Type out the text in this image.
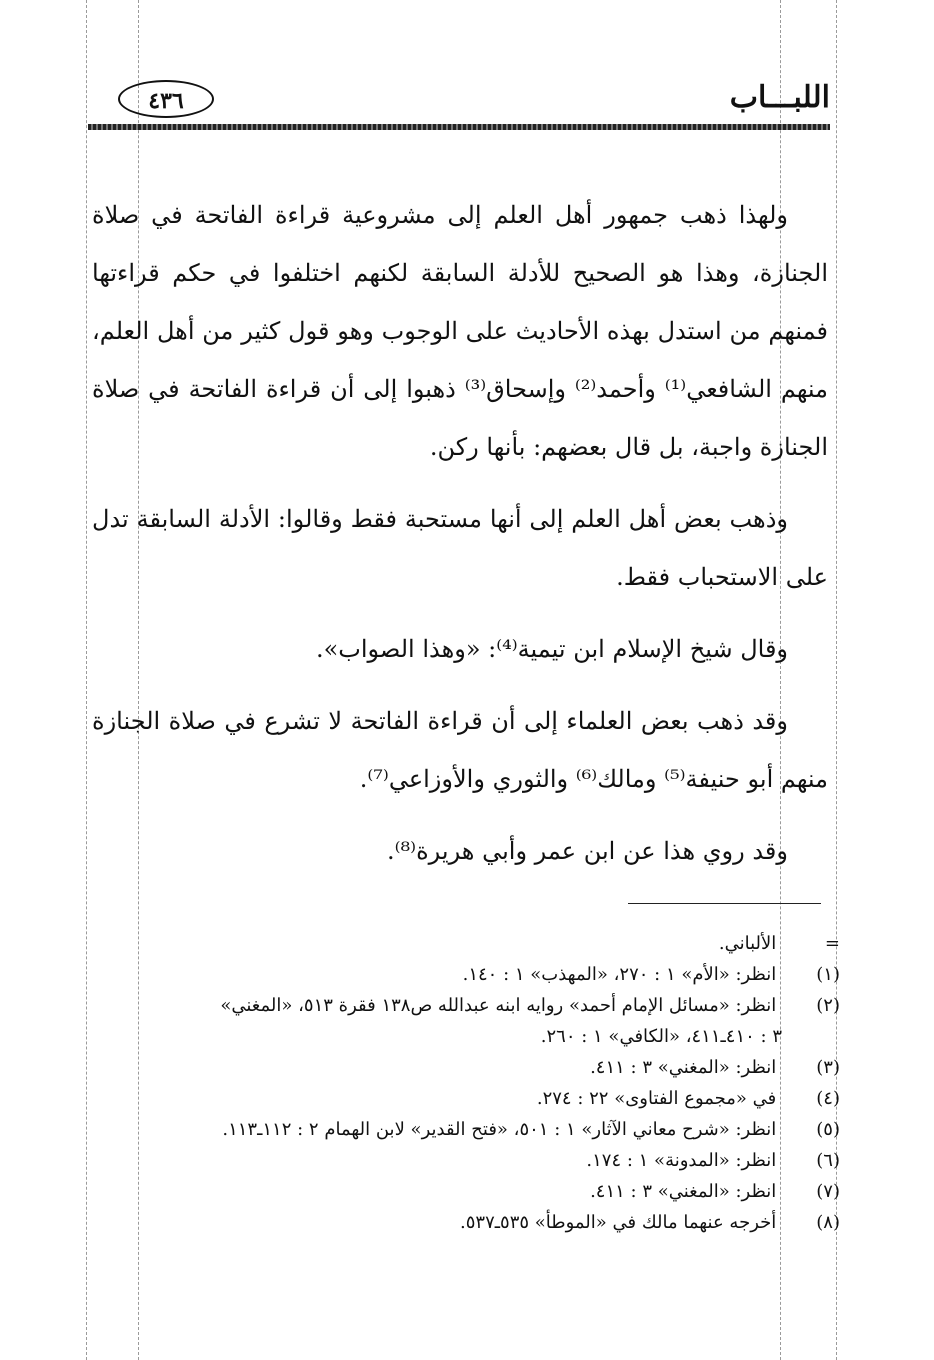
اللبـــاب
٤٣٦

ولهذا ذهب جمهور أهل العلم إلى مشروعية قراءة الفاتحة في صلاة الجنازة، وهذا هو الصحيح للأدلة السابقة لكنهم اختلفوا في حكم قراءتها فمنهم من استدل بهذه الأحاديث على الوجوب وهو قول كثير من أهل العلم، منهم الشافعي⁽¹⁾ وأحمد⁽²⁾ وإسحاق⁽³⁾ ذهبوا إلى أن قراءة الفاتحة في صلاة الجنازة واجبة، بل قال بعضهم: بأنها ركن.

وذهب بعض أهل العلم إلى أنها مستحبة فقط وقالوا: الأدلة السابقة تدل على الاستحباب فقط.

وقال شيخ الإسلام ابن تيمية⁽⁴⁾: «وهذا الصواب».

وقد ذهب بعض العلماء إلى أن قراءة الفاتحة لا تشرع في صلاة الجنازة منهم أبو حنيفة⁽⁵⁾ ومالك⁽⁶⁾ والثوري والأوزاعي⁽⁷⁾.

وقد روي هذا عن ابن عمر وأبي هريرة⁽⁸⁾.

= الألباني.
(١) انظر: «الأم» ١ : ٢٧٠، «المهذب» ١ : ١٤٠.
(٢) انظر: «مسائل الإمام أحمد» روايه ابنه عبدالله ص١٣٨ فقرة ٥١٣، «المغني»
٣ : ٤١٠ـ٤١١، «الكافي» ١ : ٢٦٠.
(٣) انظر: «المغني» ٣ : ٤١١.
(٤) في «مجموع الفتاوى» ٢٢ : ٢٧٤.
(٥) انظر: «شرح معاني الآثار» ١ : ٥٠١، «فتح القدير» لابن الهمام ٢ : ١١٢ـ١١٣.
(٦) انظر: «المدونة» ١ : ١٧٤.
(٧) انظر: «المغني» ٣ : ٤١١.
(٨) أخرجه عنهما مالك في «الموطأ» ٥٣٥ـ٥٣٧.
